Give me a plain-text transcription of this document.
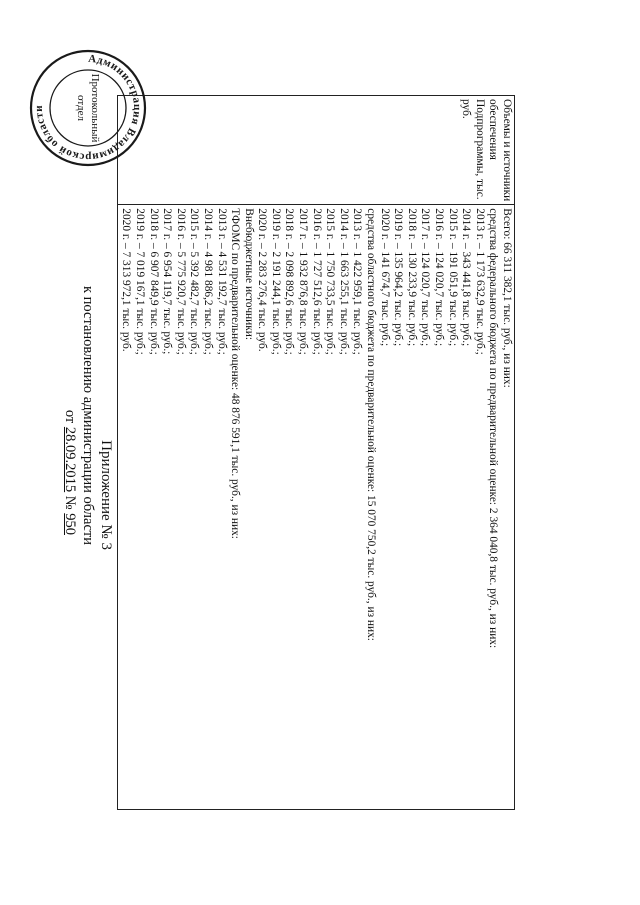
Приложение № 3
к постановлению администрации области
от 28.09.2015 № 950
Объемы и источники
обеспечения
Подпрограммы, тыс.
руб.

Всего: 66 311 382,1 тыс. руб., из них:
средства федерального бюджета по предварительной оценке: 2 364 040,8 тыс. руб., из них:
2013 г. – 1 173 632,9 тыс. руб.;
2014 г. – 343 441,8 тыс. руб.;
2015 г. – 191 051,9 тыс. руб.;
2016 г. – 124 020,7 тыс. руб.;
2017 г. – 124 020,7 тыс. руб.;
2018 г. – 130 233,9 тыс. руб.;
2019 г. – 135 964,2 тыс. руб.;
2020 г. – 141 674,7 тыс. руб.;
средства областного бюджета по предварительной оценке: 15 070 750,2 тыс. руб., из них:
2013 г. – 1 422 959,1 тыс. руб.;
2014 г. – 1 663 255,1 тыс. руб.;
2015 г. – 1 750 733,5 тыс. руб.;
2016 г. – 1 727 512,6 тыс. руб.;
2017 г. – 1 932 876,8 тыс. руб.;
2018 г. – 2 098 892,6 тыс. руб.;
2019 г. – 2 191 244,1 тыс. руб.;
2020 г. – 2 283 276,4 тыс. руб.
Внебюджетные источники:
ТФОМС по предварительной оценке: 48 876 591,1 тыс. руб., из них:
2013 г. – 4 531 192,7 тыс. руб.;
2014 г. – 4 981 886,2 тыс. руб.;
2015 г. – 5 392 482,7 тыс. руб.;
2016 г. – 5 775 920,7 тыс. руб.;
2017 г. – 6 954 119,7 тыс. руб.;
2018 г. – 6 907 849,9 тыс. руб.;
2019 г. – 7 019 167,1 тыс. руб.;
2020 г. – 7 313 972,1 тыс. руб.
Администрация Владимирской области	Протокольный
отдел
